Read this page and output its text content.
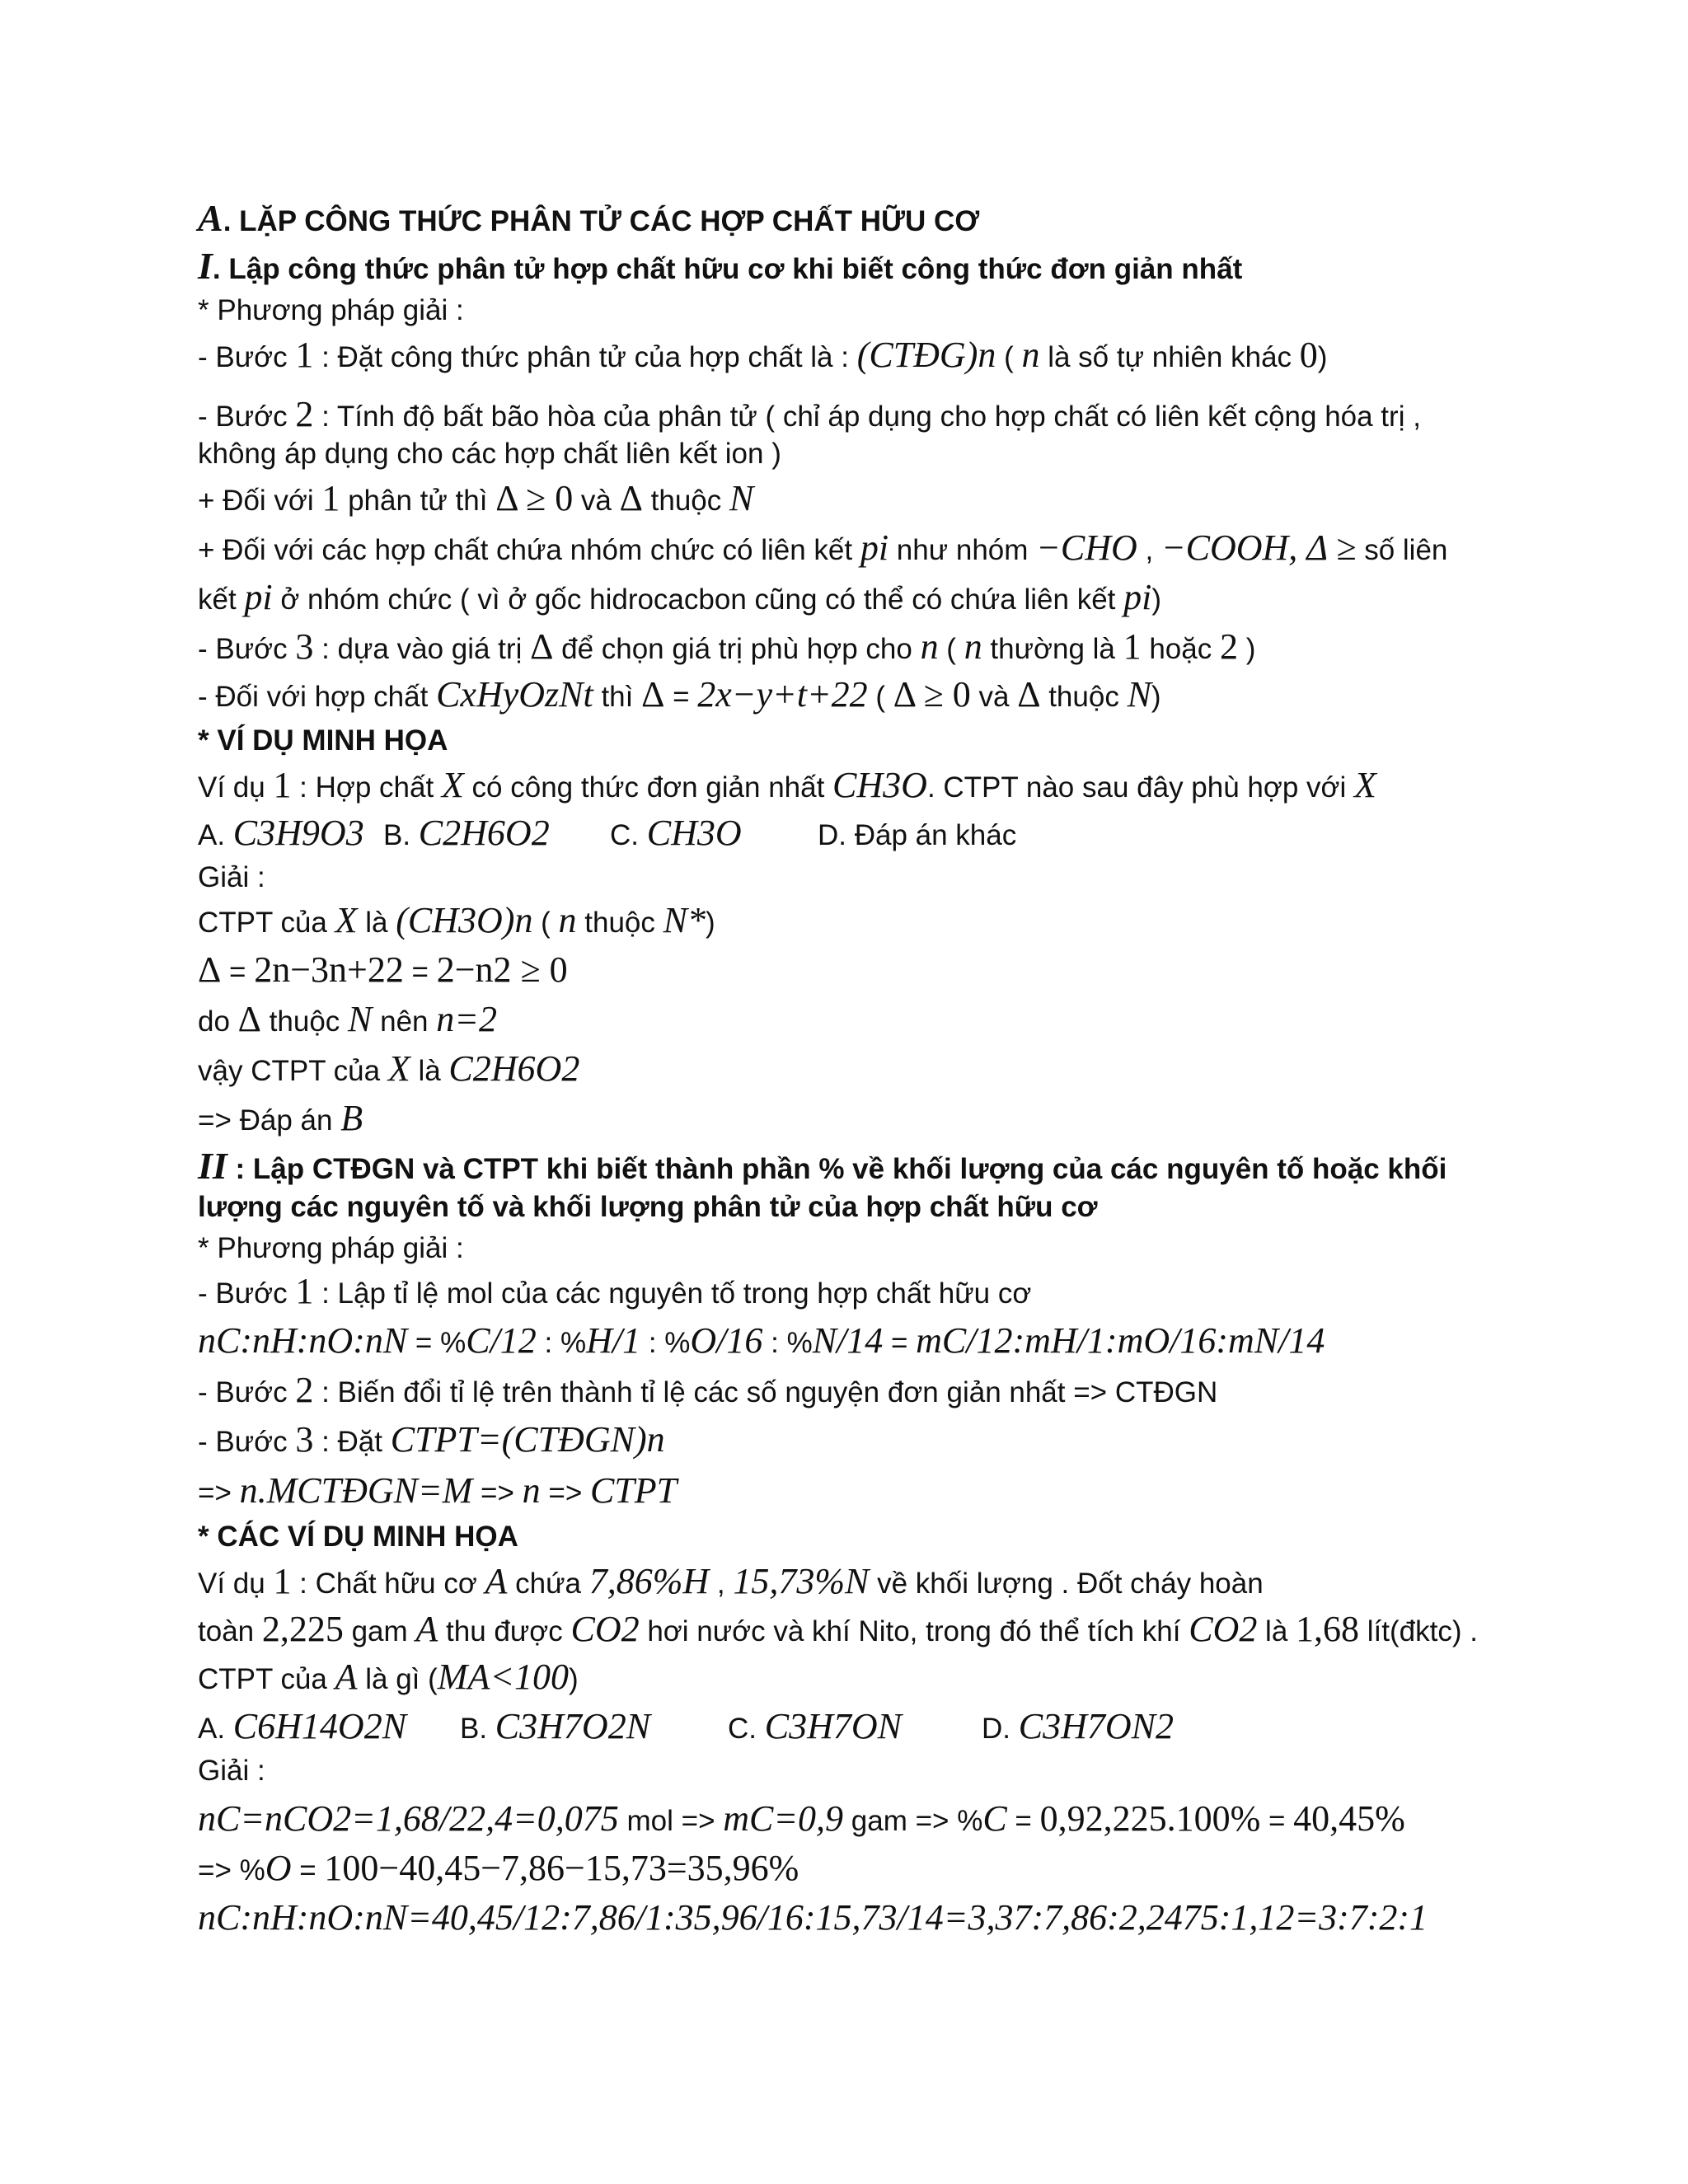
A. LẶP CÔNG THỨC PHÂN TỬ CÁC HỢP CHẤT HỮU CƠ
I. Lập công thức phân tử hợp chất hữu cơ khi biết công thức đơn giản nhất
* Phương pháp giải :
- Bước 1 : Đặt công thức phân tử của hợp chất là : (CTĐG)n ( n là số tự nhiên khác 0)
- Bước 2 : Tính độ bất bão hòa của phân tử ( chỉ áp dụng cho hợp chất có liên kết cộng hóa trị ,
không áp dụng cho các hợp chất liên kết ion )
+ Đối với 1 phân tử thì Δ ≥ 0 và Δ thuộc N
+ Đối với các hợp chất chứa nhóm chức có liên kết pi như nhóm −CHO , −COOH, Δ ≥ số liên
kết pi ở nhóm chức ( vì ở gốc hidrocacbon cũng có thể có chứa liên kết pi)
- Bước 3 : dựa vào giá trị Δ để chọn giá trị phù hợp cho n ( n thường là 1 hoặc 2 )
- Đối với hợp chất CxHyOzNt thì Δ = 2x−y+t+22 ( Δ ≥ 0 và Δ thuộc N)
* VÍ DỤ MINH HỌA
Ví dụ 1 : Hợp chất X có công thức đơn giản nhất CH3O. CTPT nào sau đây phù hợp với X
A. C3H9O3 B. C2H6O2 C. CH3O	D. Đáp án khác
Giải :
CTPT của X là (CH3O)n ( n thuộc N*)
Δ = 2n−3n+22 = 2−n2 ≥ 0
do Δ thuộc N nên n=2
vậy CTPT của X là C2H6O2
=> Đáp án B
II : Lập CTĐGN và CTPT khi biết thành phần % về khối lượng của các nguyên tố hoặc khối
lượng các nguyên tố và khối lượng phân tử của hợp chất hữu cơ
* Phương pháp giải :
- Bước 1 : Lập tỉ lệ mol của các nguyên tố trong hợp chất hữu cơ
nC:nH:nO:nN = %C/12 : %H/1 : %O/16 : %N/14 = mC/12:mH/1:mO/16:mN/14
- Bước 2 : Biến đổi tỉ lệ trên thành tỉ lệ các số nguyện đơn giản nhất => CTĐGN
- Bước 3 : Đặt CTPT=(CTĐGN)n
=> n.MCTĐGN=M => n => CTPT
* CÁC VÍ DỤ MINH HỌA
Ví dụ 1 : Chất hữu cơ A chứa 7,86%H , 15,73%N về khối lượng . Đốt cháy hoàn
toàn 2,225 gam A thu được CO2 hơi nước và khí Nito, trong đó thể tích khí CO2 là 1,68 lít(đktc) .
CTPT của A là gì (MA<100)
A. C6H14O2N B. C3H7O2N	C. C3H7ON	D. C3H7ON2
Giải :
nC=nCO2=1,68/22,4=0,075 mol => mC=0,9 gam => %C = 0,92,225.100% = 40,45%
=> %O = 100−40,45−7,86−15,73=35,96%
nC:nH:nO:nN=40,45/12:7,86/1:35,96/16:15,73/14=3,37:7,86:2,2475:1,12=3:7:2:1
